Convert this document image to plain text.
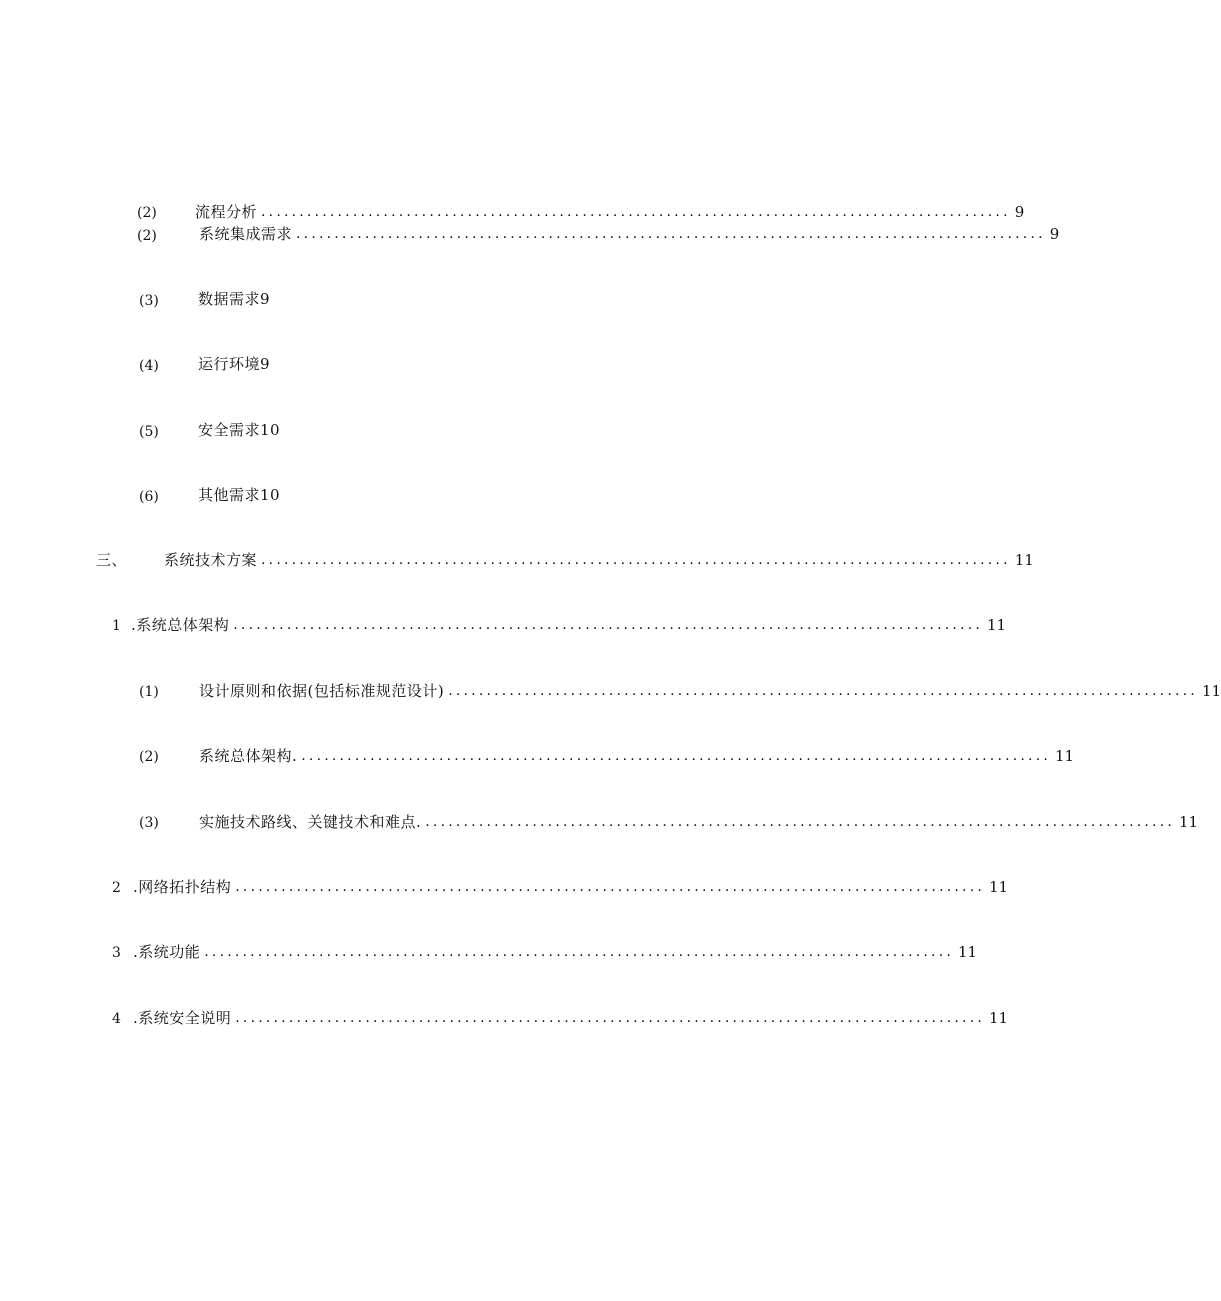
(2)	流程分析 .................................................................................................. 9
(2)	系统集成需求 .................................................................................................. 9
(3)	数据需求9
(4)	运行环境9
(5)	安全需求10
(6)	其他需求10
三、 系统技术方案 .................................................................................................. 11
1 .系统总体架构 .................................................................................................. 11
(1)	设计原则和依据(包括标准规范设计) .................................................................................................. 11
(2)	系统总体架构. .................................................................................................. 11
(3)	实施技术路线、关键技术和难点. .................................................................................................. 11
2 .网络拓扑结构 .................................................................................................. 11
3 .系统功能 .................................................................................................. 11
4 .系统安全说明 .................................................................................................. 11
